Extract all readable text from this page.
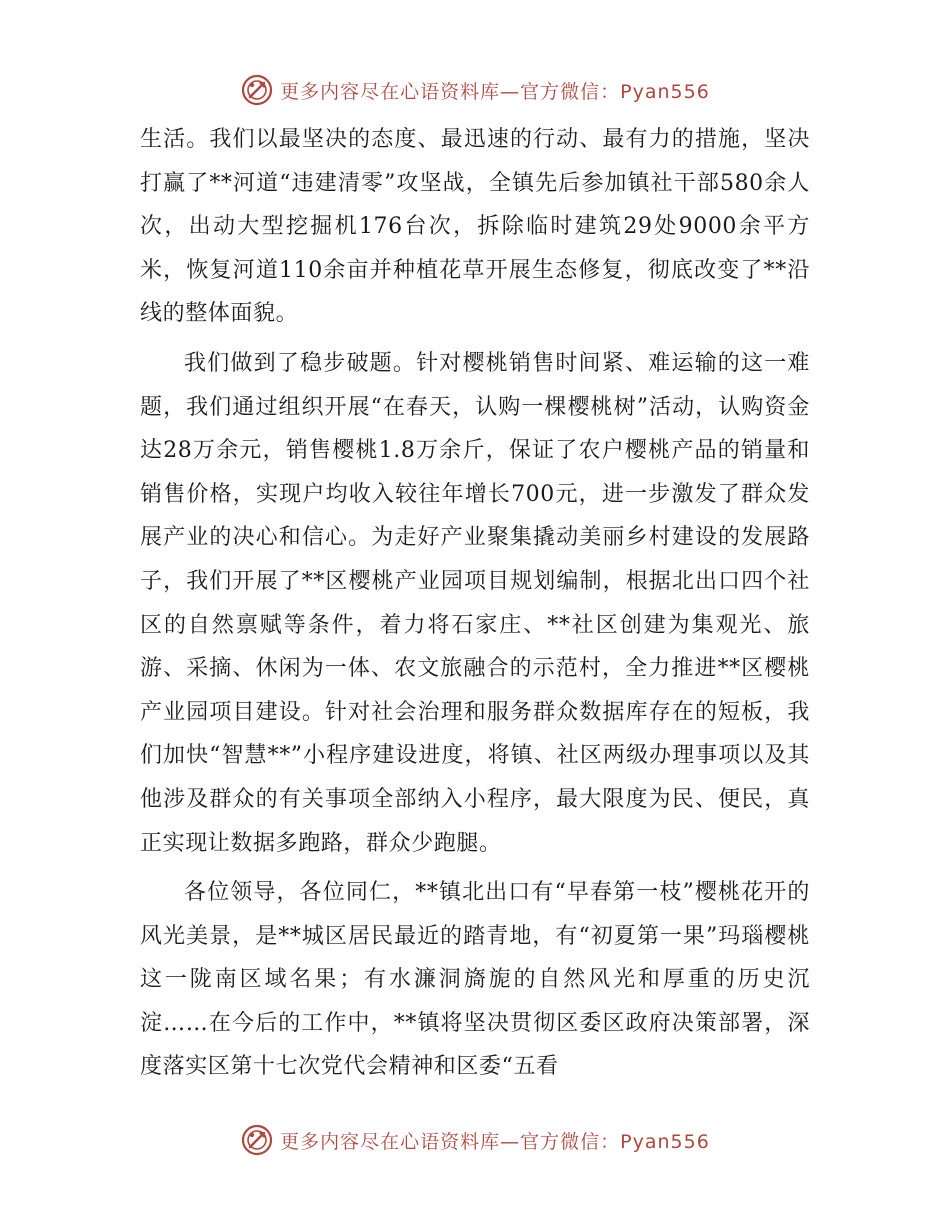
更多内容尽在心语资料库—官方微信：Pyan556

生活。我们以最坚决的态度、最迅速的行动、最有力的措施，坚决打赢了**河道“违建清零”攻坚战，全镇先后参加镇社干部580余人次，出动大型挖掘机176台次，拆除临时建筑29处9000余平方米，恢复河道110余亩并种植花草开展生态修复，彻底改变了**沿线的整体面貌。

我们做到了稳步破题。针对樱桃销售时间紧、难运输的这一难题，我们通过组织开展“在春天，认购一棵樱桃树”活动，认购资金达28万余元，销售樱桃1.8万余斤，保证了农户樱桃产品的销量和销售价格，实现户均收入较往年增长700元，进一步激发了群众发展产业的决心和信心。为走好产业聚集撬动美丽乡村建设的发展路子，我们开展了**区樱桃产业园项目规划编制，根据北出口四个社区的自然禀赋等条件，着力将石家庄、**社区创建为集观光、旅游、采摘、休闲为一体、农文旅融合的示范村，全力推进**区樱桃产业园项目建设。针对社会治理和服务群众数据库存在的短板，我们加快“智慧**”小程序建设进度，将镇、社区两级办理事项以及其他涉及群众的有关事项全部纳入小程序，最大限度为民、便民，真正实现让数据多跑路，群众少跑腿。

各位领导，各位同仁，**镇北出口有“早春第一枝”樱桃花开的风光美景，是**城区居民最近的踏青地，有“初夏第一果”玛瑙樱桃这一陇南区域名果；有水濂洞旖旎的自然风光和厚重的历史沉淀……在今后的工作中，**镇将坚决贯彻区委区政府决策部署，深度落实区第十七次党代会精神和区委“五看

更多内容尽在心语资料库—官方微信：Pyan556
